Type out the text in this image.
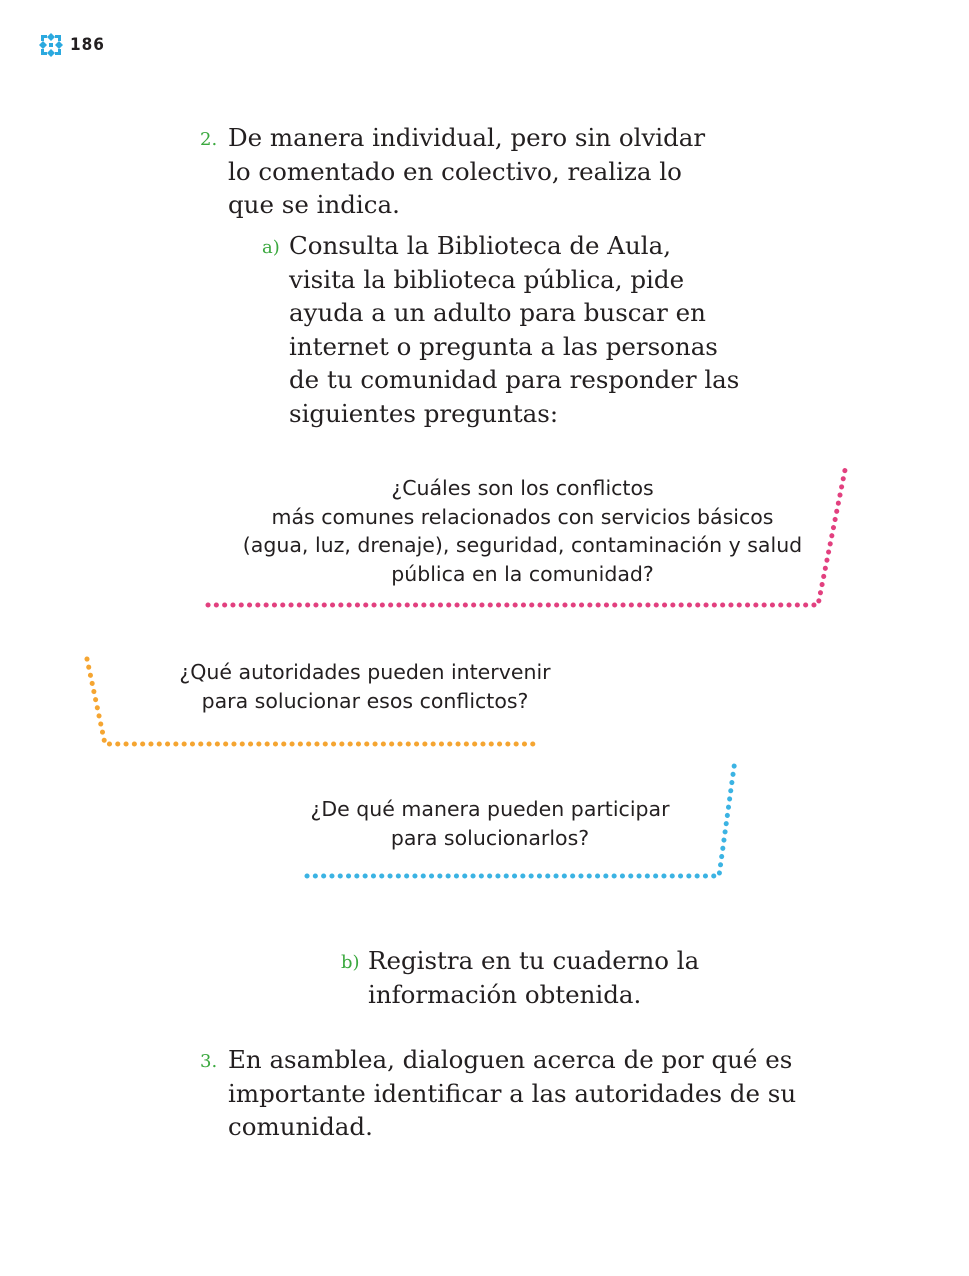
186
2. De manera individual, pero sin olvidar
lo comentado en colectivo, realiza lo
que se indica.
a) Consulta la Biblioteca de Aula,
visita la biblioteca pública, pide
ayuda a un adulto para buscar en
internet o pregunta a las personas
de tu comunidad para responder las
siguientes preguntas:
¿Cuáles son los conflictos
más comunes relacionados con servicios básicos
(agua, luz, drenaje), seguridad, contaminación y salud
pública en la comunidad?
¿Qué autoridades pueden intervenir
para solucionar esos conflictos?
¿De qué manera pueden participar
para solucionarlos?
b) Registra en tu cuaderno la
información obtenida.
3. En asamblea, dialoguen acerca de por qué es
importante identificar a las autoridades de su
comunidad.
